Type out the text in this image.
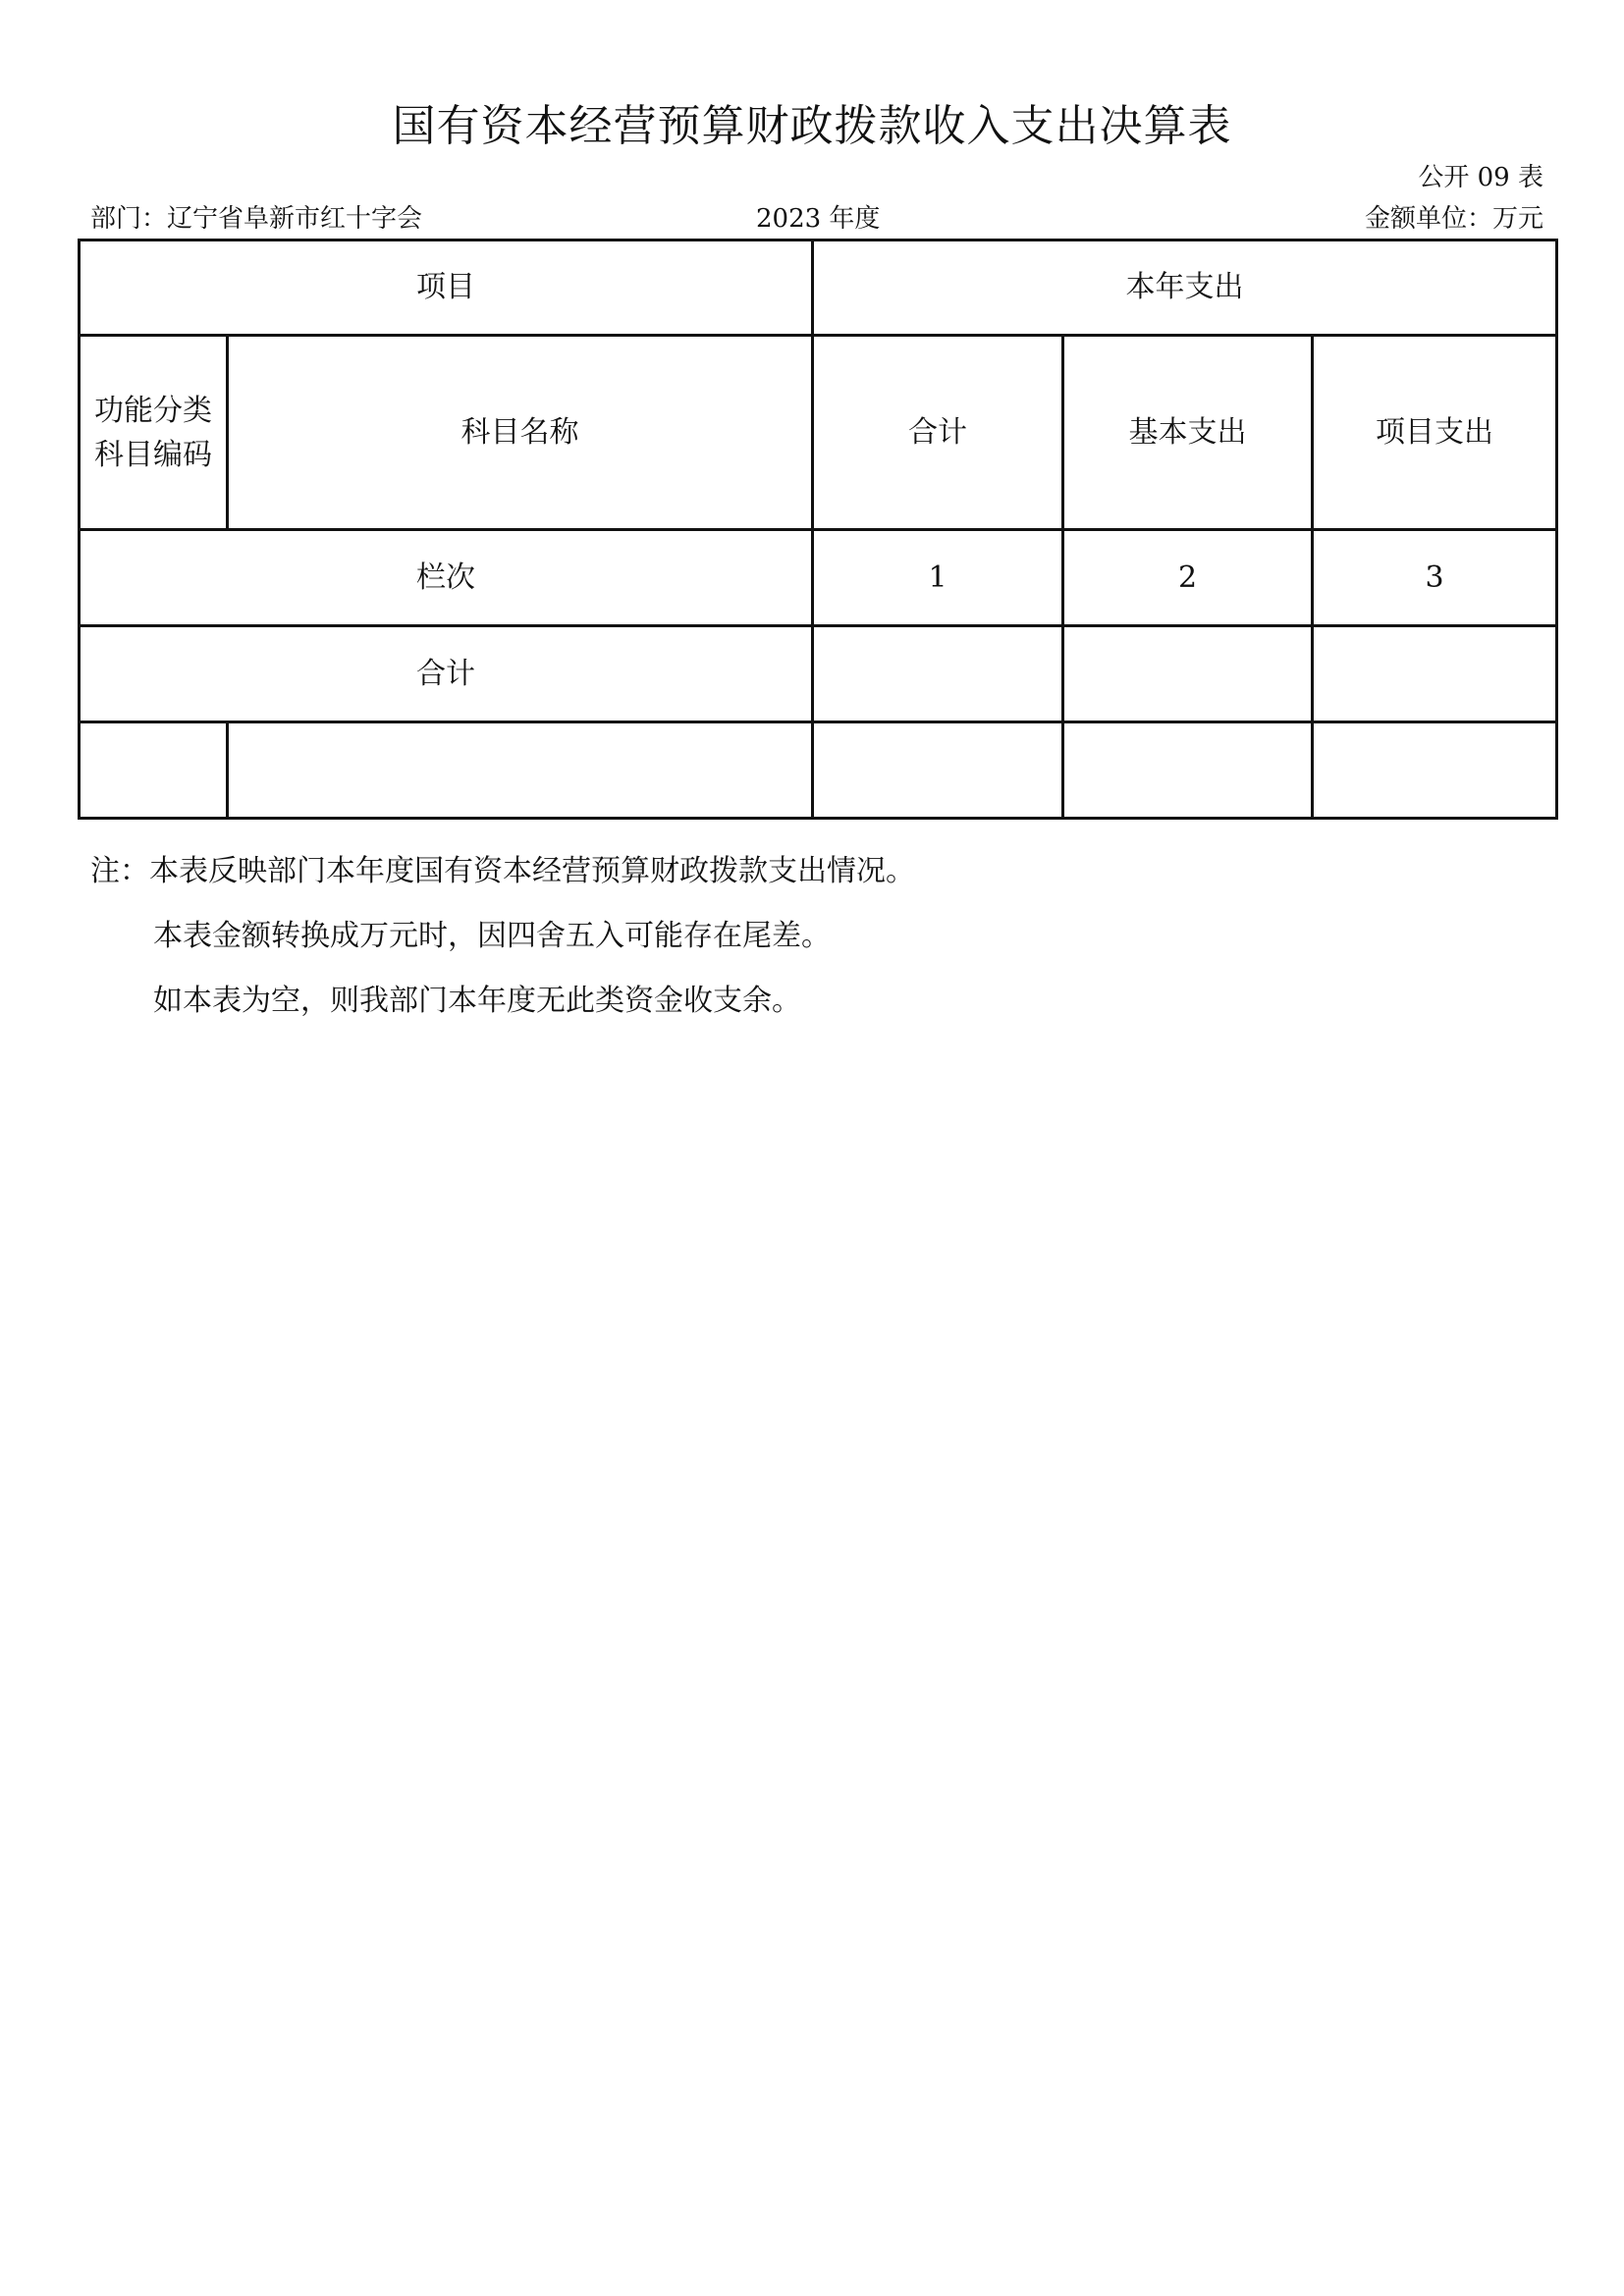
国有资本经营预算财政拨款收入支出决算表
公开 09 表
部门：辽宁省阜新市红十字会	2023 年度	金额单位：万元
项目		本年支出		

功能分类科目编码	科目名称	合计	基本支出	项目支出
栏次		1	2	3
合计				

注：本表反映部门本年度国有资本经营预算财政拨款支出情况。
本表金额转换成万元时，因四舍五入可能存在尾差。
如本表为空，则我部门本年度无此类资金收支余。
